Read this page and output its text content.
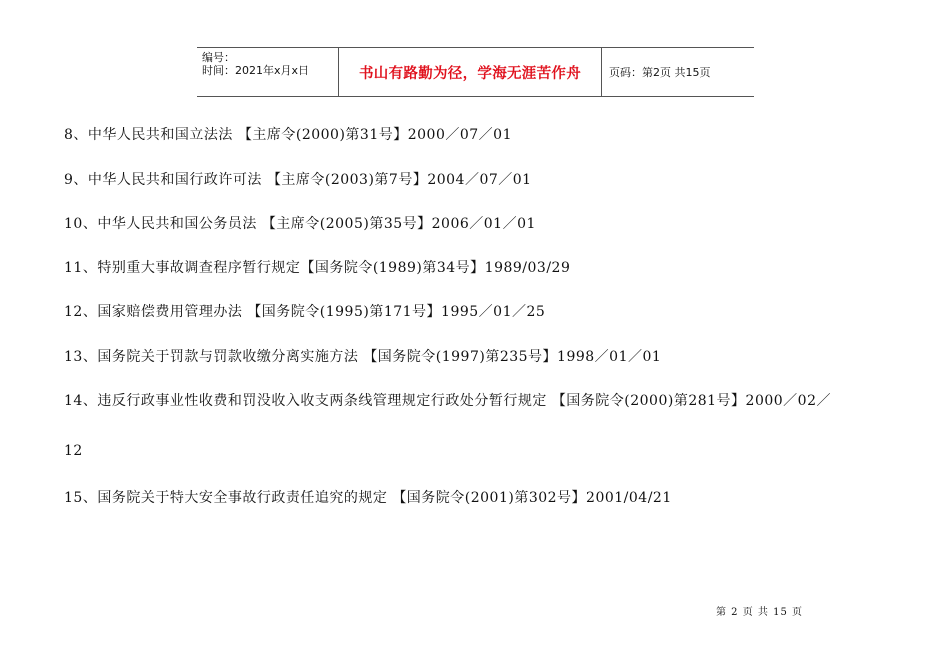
编号：
时间：2021年x月x日	书山有路勤为径，学海无涯苦作舟	页码：第2页 共15页
8、中华人民共和国立法法 【主席令(2000)第31号】2000／07／01
9、中华人民共和国行政许可法 【主席令(2003)第7号】2004／07／01
10、中华人民共和国公务员法 【主席令(2005)第35号】2006／01／01
11、特别重大事故调查程序暂行规定【国务院令(1989)第34号】1989/03/29
12、国家赔偿费用管理办法 【国务院令(1995)第171号】1995／01／25
13、国务院关于罚款与罚款收缴分离实施方法 【国务院令(1997)第235号】1998／01／01
14、违反行政事业性收费和罚没收入收支两条线管理规定行政处分暂行规定 【国务院令(2000)第281号】2000／02／
12
15、国务院关于特大安全事故行政责任追究的规定 【国务院令(2001)第302号】2001/04/21
第 2 页 共 15 页
